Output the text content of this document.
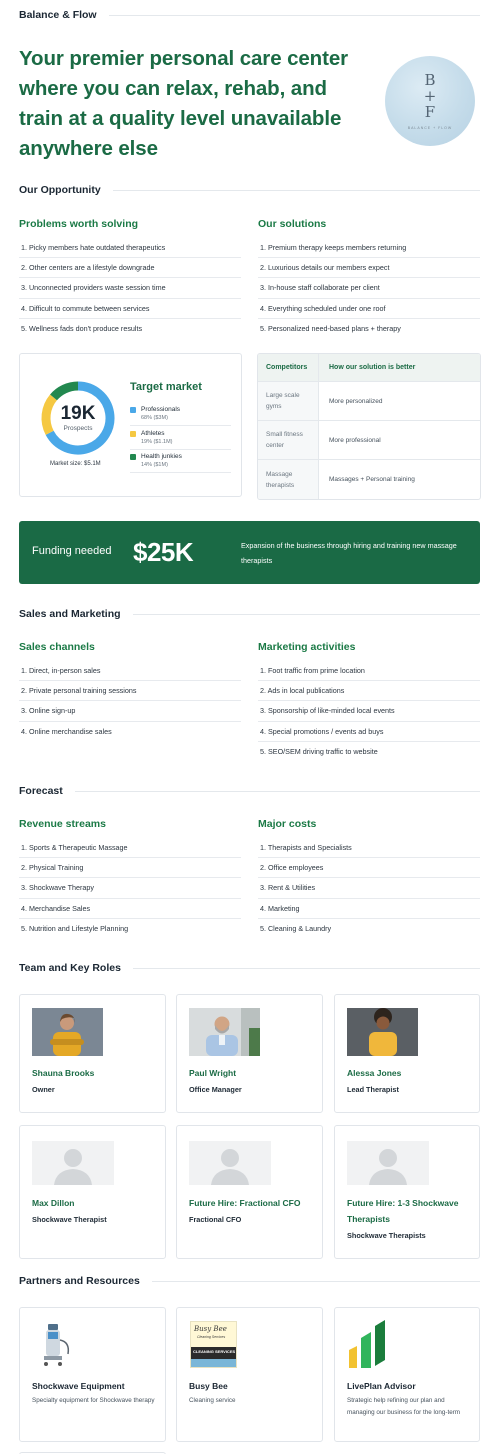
Balance & Flow
Your premier personal care center where you can relax, rehab, and train at a quality level unavailable anywhere else
B
+
F
BALANCE + FLOW
Our Opportunity
Problems worth solving
1. Picky members hate outdated therapeutics
2. Other centers are a lifestyle downgrade
3. Unconnected providers waste session time
4. Difficult to commute between services
5. Wellness fads don't produce results
Our solutions
1. Premium therapy keeps members returning
2. Luxurious details our members expect
3. In-house staff collaborate per client
4. Everything scheduled under one roof
5. Personalized need-based plans + therapy
19K
Prospects
Market size: $5.1M
Target market
Professionals
68% ($3M)
Athletes
19% ($1.1M)
Health junkies
14% ($1M)
Competitors	How our solution is better
Large scale gyms
More personalized
Small fitness center
More professional
Massage therapists
Massages + Personal training
Funding needed $25K	Expansion of the business through hiring and training new massage therapists
Sales and Marketing
Sales channels
1. Direct, in-person sales
2. Private personal training sessions
3. Online sign-up
4. Online merchandise sales
Marketing activities
1. Foot traffic from prime location
2. Ads in local publications
3. Sponsorship of like-minded local events
4. Special promotions / events ad buys
5. SEO/SEM driving traffic to website
Forecast
Revenue streams
1. Sports & Therapeutic Massage
2. Physical Training
3. Shockwave Therapy
4. Merchandise Sales
5. Nutrition and Lifestyle Planning
Major costs
1. Therapists and Specialists
2. Office employees
3. Rent & Utilities
4. Marketing
5. Cleaning & Laundry
Team and Key Roles
Shauna Brooks
Owner
Paul Wright
Office Manager
Alessa Jones
Lead Therapist
Max Dillon
Shockwave Therapist
Future Hire: Fractional CFO
Fractional CFO
Future Hire: 1-3 Shockwave Therapists
Shockwave Therapists
Partners and Resources
Shockwave Equipment
Specialty equipment for Shockwave therapy
Busy Bee
Cleaning Services
CLEANING SERVICES
Busy Bee
Cleaning service
LivePlan Advisor
Strategic help refining our plan and managing our business for the long-term
